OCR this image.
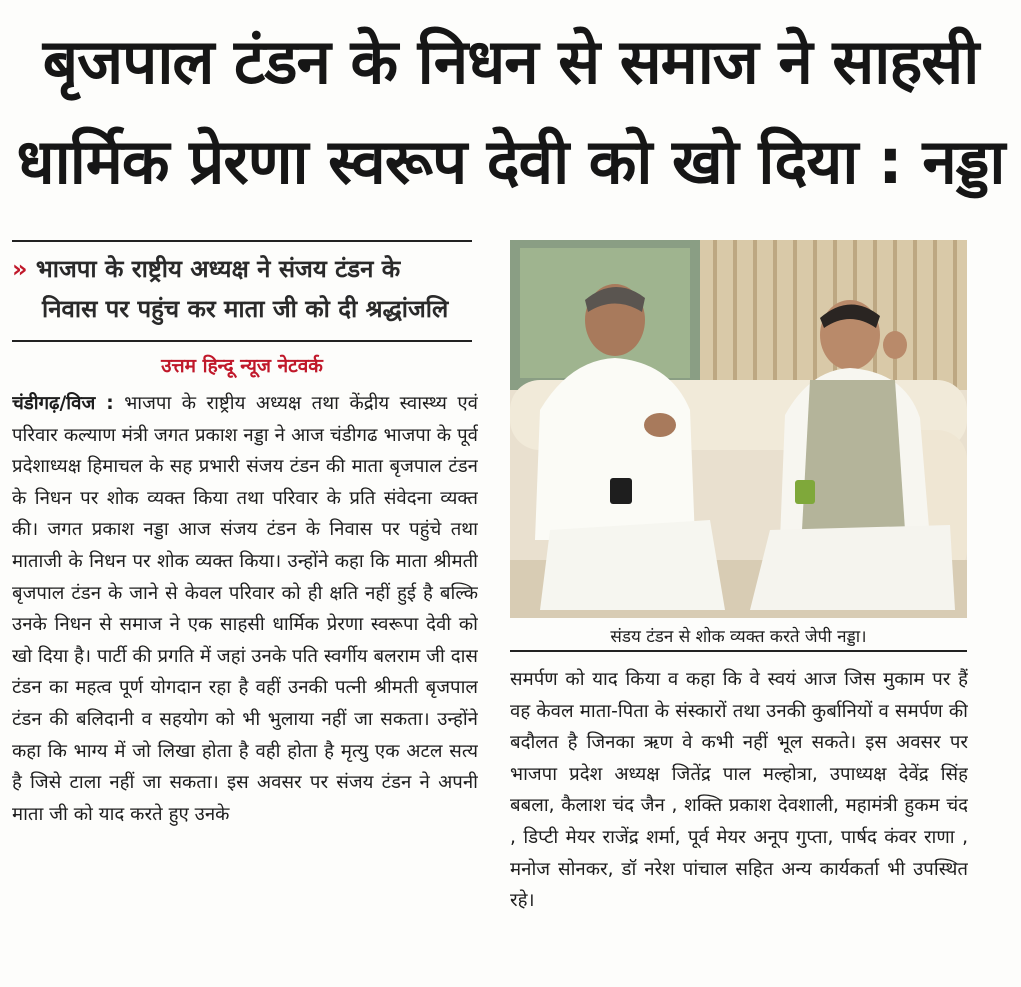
बृजपाल टंडन के निधन से समाज ने साहसी
धार्मिक प्रेरणा स्वरूप देवी को खो दिया : नड्डा
» भाजपा के राष्ट्रीय अध्यक्ष ने संजय टंडन के
निवास पर पहुंच कर माता जी को दी श्रद्धांजलि
उत्तम हिन्दू न्यूज नेटवर्क
चंडीगढ़/विज : भाजपा के राष्ट्रीय अध्यक्ष तथा केंद्रीय स्वास्थ्य एवं परिवार कल्याण मंत्री जगत प्रकाश नड्डा ने आज चंडीगढ भाजपा के पूर्व प्रदेशाध्यक्ष हिमाचल के सह प्रभारी संजय टंडन की माता बृजपाल टंडन के निधन पर शोक व्यक्त किया तथा परिवार के प्रति संवेदना व्यक्त की। जगत प्रकाश नड्डा आज संजय टंडन के निवास पर पहुंचे तथा माताजी के निधन पर शोक व्यक्त किया। उन्होंने कहा कि माता श्रीमती बृजपाल टंडन के जाने से केवल परिवार को ही क्षति नहीं हुई है बल्कि उनके निधन से समाज ने एक साहसी धार्मिक प्रेरणा स्वरूपा देवी को खो दिया है। पार्टी की प्रगति में जहां उनके पति स्वर्गीय बलराम जी दास टंडन का महत्व पूर्ण योगदान रहा है वहीं उनकी पत्नी श्रीमती बृजपाल टंडन की बलिदानी व सहयोग को भी भुलाया नहीं जा सकता। उन्होंने कहा कि भाग्य में जो लिखा होता है वही होता है मृत्यु एक अटल सत्य है जिसे टाला नहीं जा सकता। इस अवसर पर संजय टंडन ने अपनी माता जी को याद करते हुए उनके
संडय टंडन से शोक व्यक्त करते जेपी नड्डा।
समर्पण को याद किया व कहा कि वे स्वयं आज जिस मुकाम पर हैं वह केवल माता-पिता के संस्कारों तथा उनकी कुर्बानियों व समर्पण की बदौलत है जिनका ऋण वे कभी नहीं भूल सकते। इस अवसर पर भाजपा प्रदेश अध्यक्ष जितेंद्र पाल मल्होत्रा, उपाध्यक्ष देवेंद्र सिंह बबला, कैलाश चंद जैन , शक्ति प्रकाश देवशाली, महामंत्री हुकम चंद , डिप्टी मेयर राजेंद्र शर्मा, पूर्व मेयर अनूप गुप्ता, पार्षद कंवर राणा , मनोज सोनकर, डॉ नरेश पांचाल सहित अन्य कार्यकर्ता भी उपस्थित रहे।
